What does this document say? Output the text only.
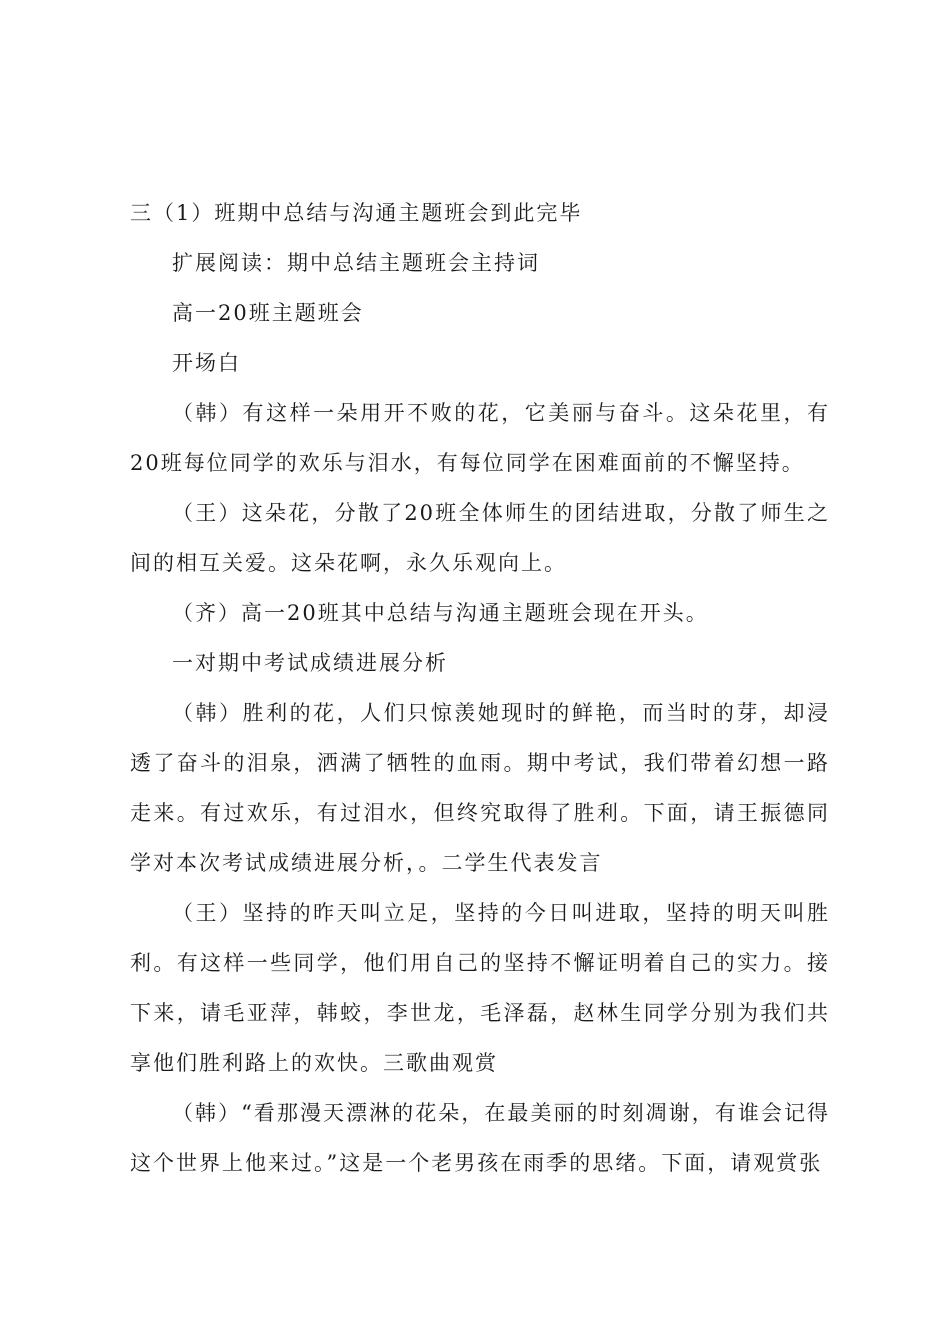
三（1）班期中总结与沟通主题班会到此完毕

扩展阅读：期中总结主题班会主持词

高一20班主题班会

开场白

（韩）有这样一朵用开不败的花，它美丽与奋斗。这朵花里，有20班每位同学的欢乐与泪水，有每位同学在困难面前的不懈坚持。

（王）这朵花，分散了20班全体师生的团结进取，分散了师生之间的相互关爱。这朵花啊，永久乐观向上。

（齐）高一20班其中总结与沟通主题班会现在开头。

一对期中考试成绩进展分析

（韩）胜利的花，人们只惊羡她现时的鲜艳，而当时的芽，却浸透了奋斗的泪泉，洒满了牺牲的血雨。期中考试，我们带着幻想一路走来。有过欢乐，有过泪水，但终究取得了胜利。下面，请王振德同学对本次考试成绩进展分析，。二学生代表发言

（王）坚持的昨天叫立足，坚持的今日叫进取，坚持的明天叫胜利。有这样一些同学，他们用自己的坚持不懈证明着自己的实力。接下来，请毛亚萍，韩蛟，李世龙，毛泽磊，赵林生同学分别为我们共享他们胜利路上的欢快。三歌曲观赏

（韩）“看那漫天漂淋的花朵，在最美丽的时刻凋谢，有谁会记得这个世界上他来过。”这是一个老男孩在雨季的思绪。下面，请观赏张
